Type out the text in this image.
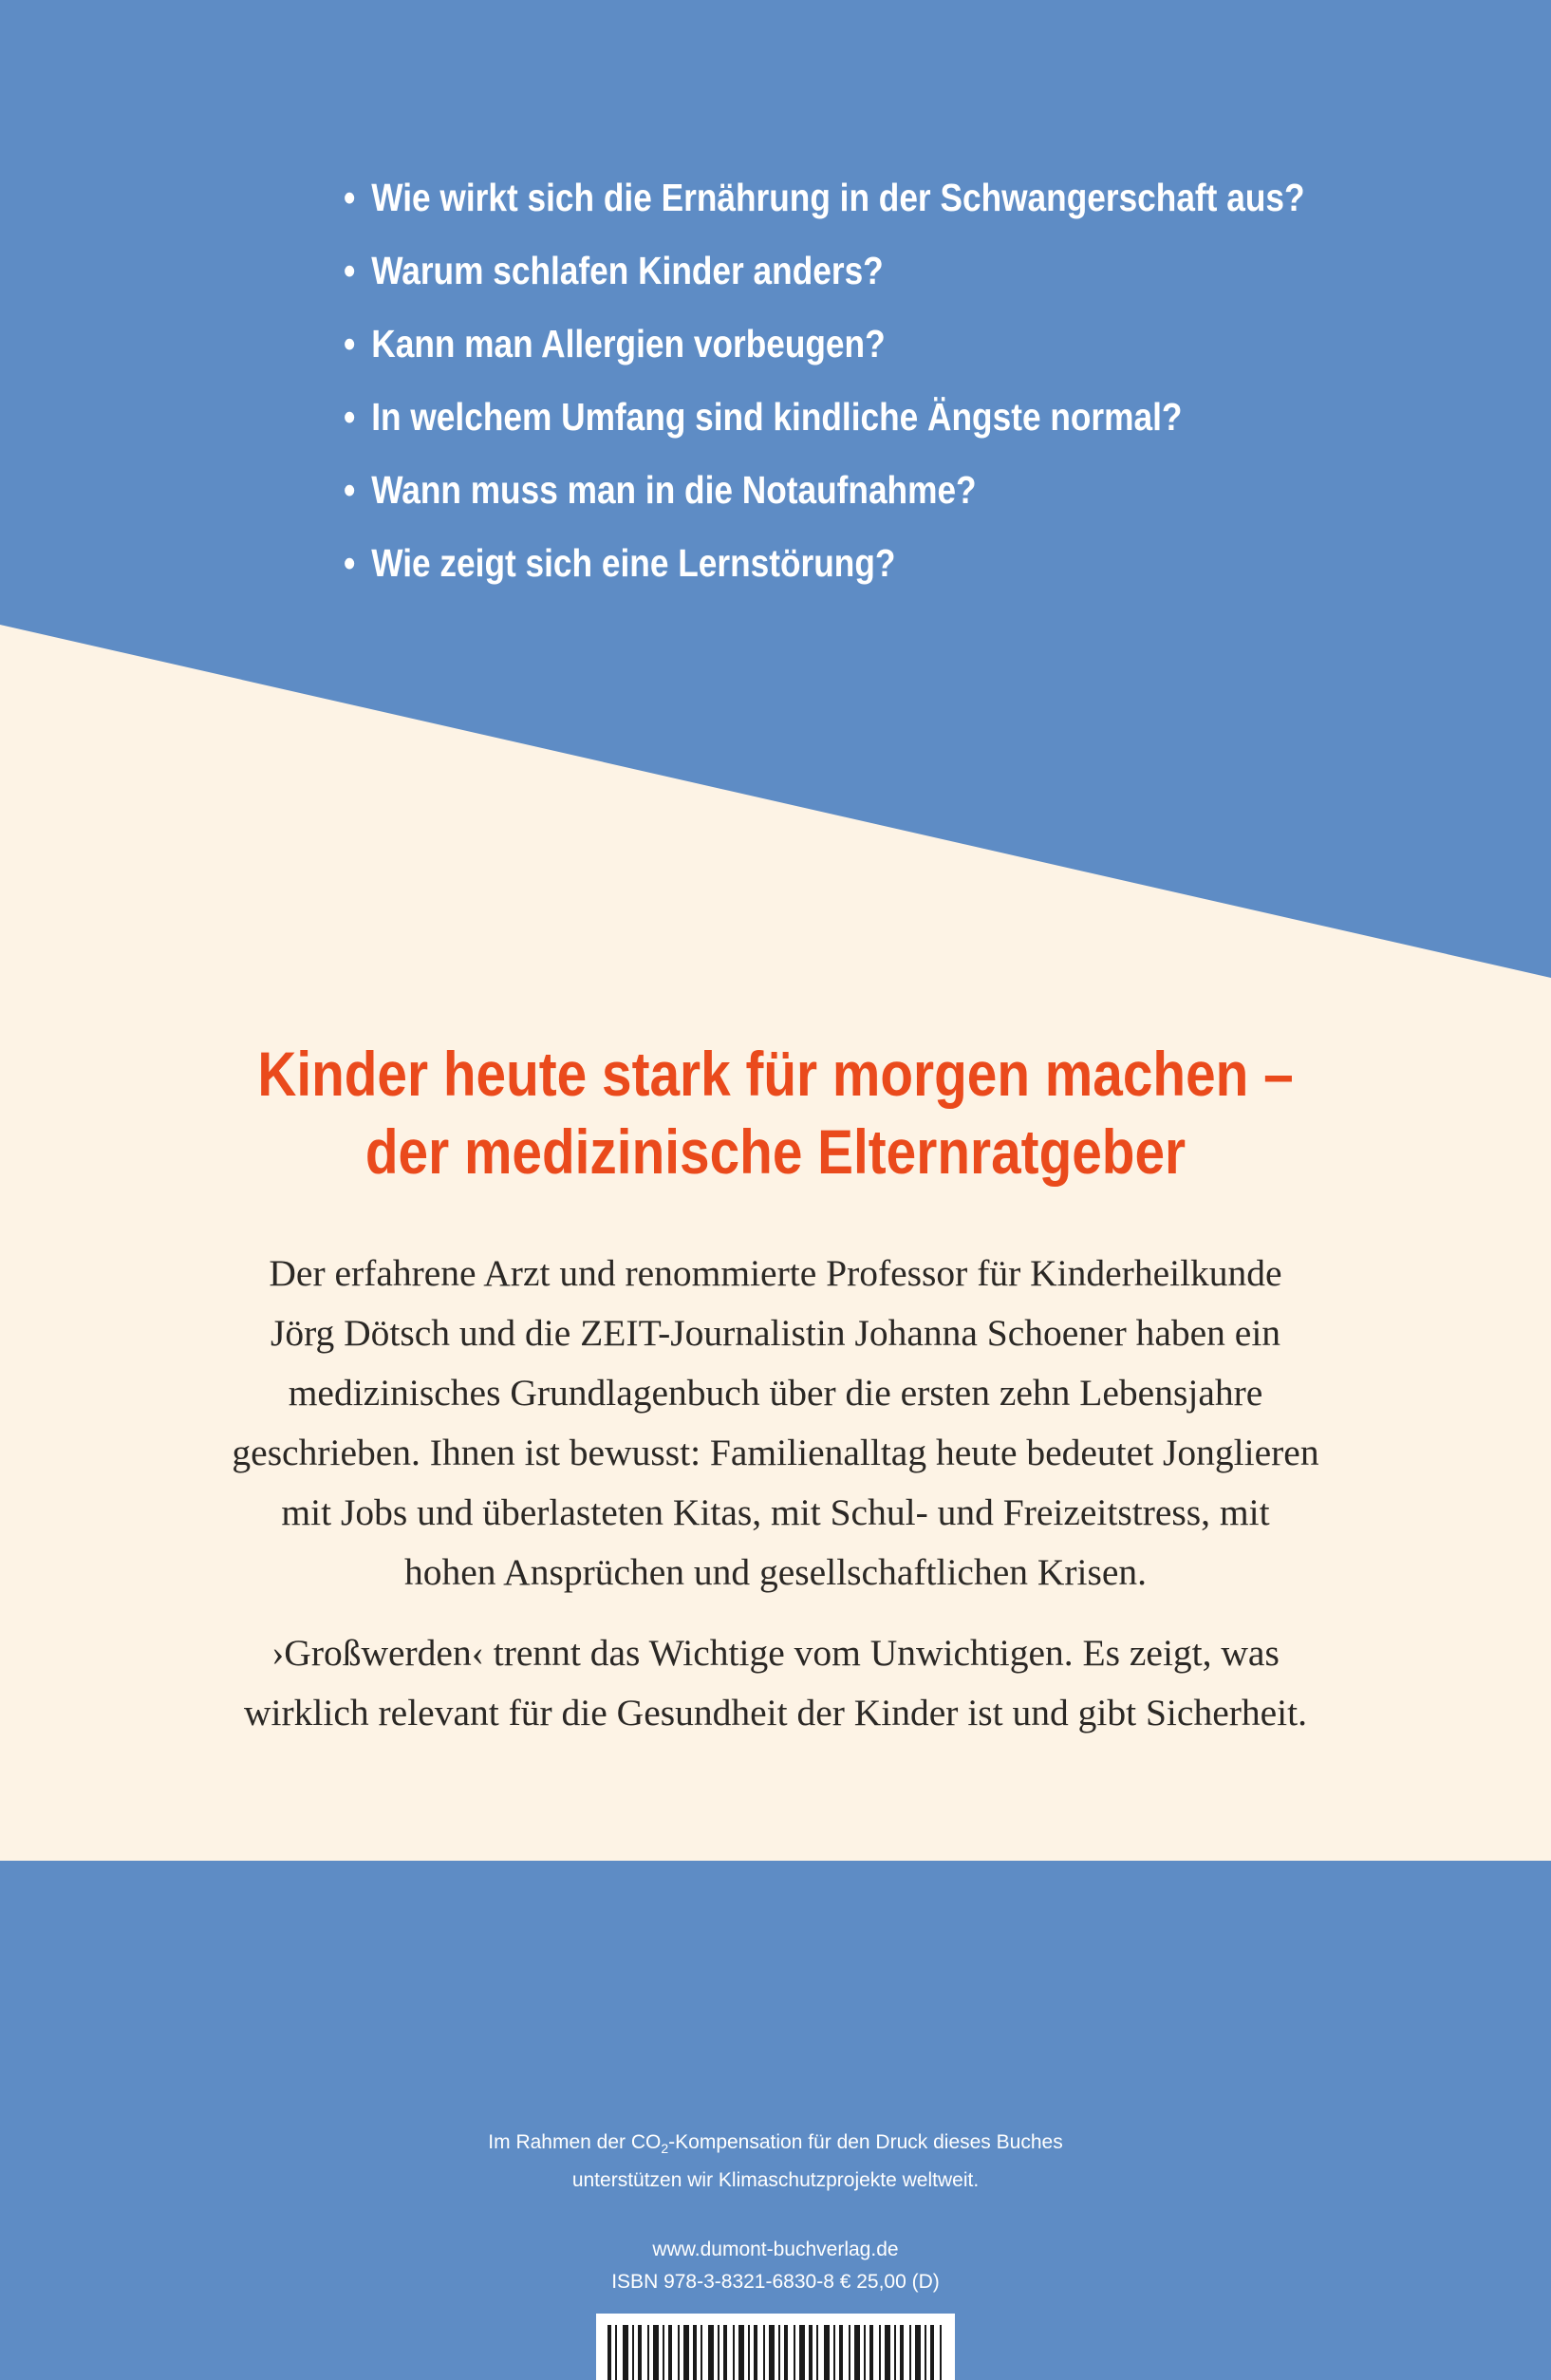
• Wie wirkt sich die Ernährung in der Schwangerschaft aus?
• Warum schlafen Kinder anders?
• Kann man Allergien vorbeugen?
• In welchem Umfang sind kindliche Ängste normal?
• Wann muss man in die Notaufnahme?
• Wie zeigt sich eine Lernstörung?
Kinder heute stark für morgen machen –
der medizinische Elternratgeber

Der erfahrene Arzt und renommierte Professor für Kinderheilkunde
Jörg Dötsch und die ZEIT-Journalistin Johanna Schoener haben ein
medizinisches Grundlagenbuch über die ersten zehn Lebensjahre
geschrieben. Ihnen ist bewusst: Familienalltag heute bedeutet Jonglieren
mit Jobs und überlasteten Kitas, mit Schul- und Freizeitstress, mit
hohen Ansprüchen und gesellschaftlichen Krisen.

›Großwerden‹ trennt das Wichtige vom Unwichtigen. Es zeigt, was
wirklich relevant für die Gesundheit der Kinder ist und gibt Sicherheit.

Im Rahmen der $CO_2$-Kompensation für den Druck dieses Buches
unterstützen wir Klimaschutzprojekte weltweit.
www.dumont-buchverlag.de
ISBN 978-3-8321-6830-8 € 25,00 (D)
